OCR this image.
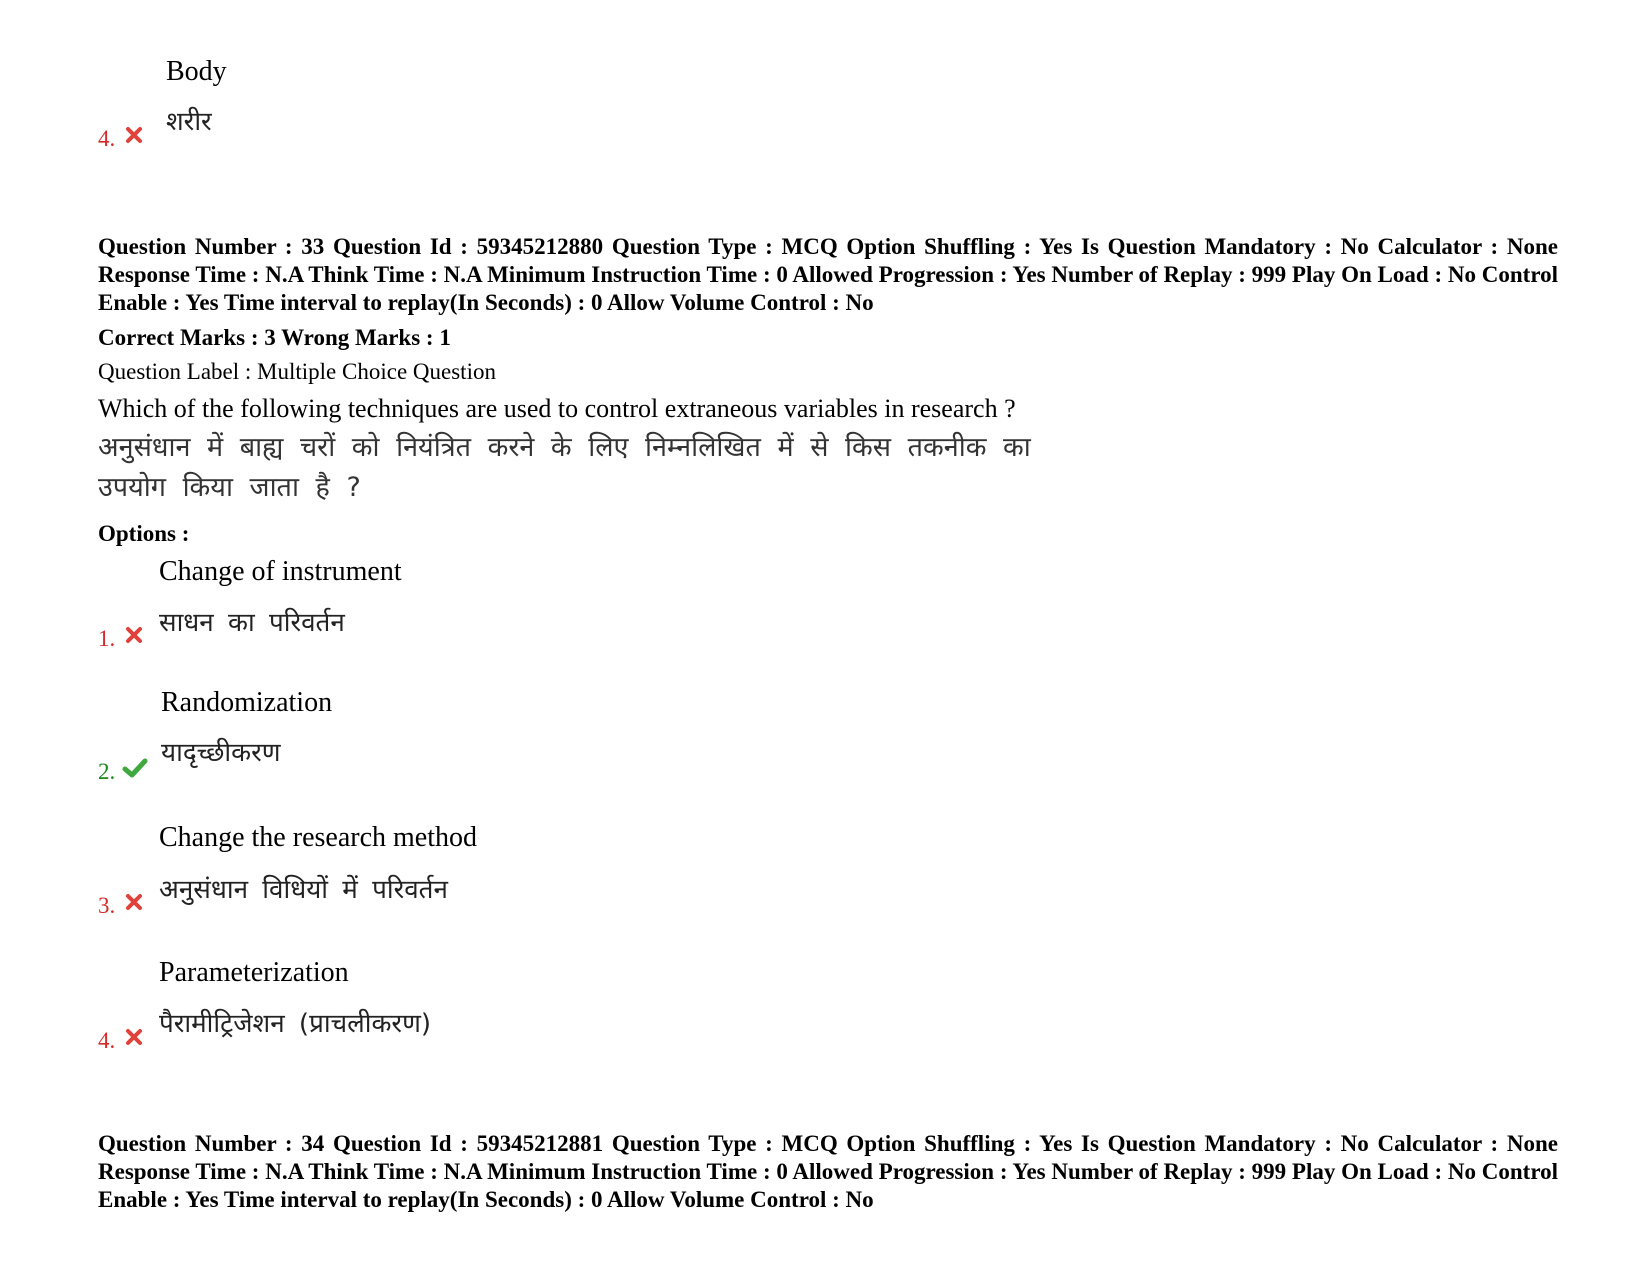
Body
शरीर
4.
Question Number : 33 Question Id : 59345212880 Question Type : MCQ Option Shuffling : Yes Is Question Mandatory : No Calculator : None Response Time : N.A Think Time : N.A Minimum Instruction Time : 0 Allowed Progression : Yes Number of Replay : 999 Play On Load : No Control Enable : Yes Time interval to replay(In Seconds) : 0 Allow Volume Control : No
Correct Marks : 3 Wrong Marks : 1
Question Label : Multiple Choice Question
Which of the following techniques are used to control extraneous variables in research ?
अनुसंधान में बाह्य चरों को नियंत्रित करने के लिए निम्नलिखित में से किस तकनीक का उपयोग किया जाता है ?
Options :
Change of instrument
साधन का परिवर्तन
1.
Randomization
यादृच्छीकरण
2.
Change the research method
अनुसंधान विधियों में परिवर्तन
3.
Parameterization
पैरामीट्रिजेशन (प्राचलीकरण)
4.
Question Number : 34 Question Id : 59345212881 Question Type : MCQ Option Shuffling : Yes Is Question Mandatory : No Calculator : None Response Time : N.A Think Time : N.A Minimum Instruction Time : 0 Allowed Progression : Yes Number of Replay : 999 Play On Load : No Control Enable : Yes Time interval to replay(In Seconds) : 0 Allow Volume Control : No
